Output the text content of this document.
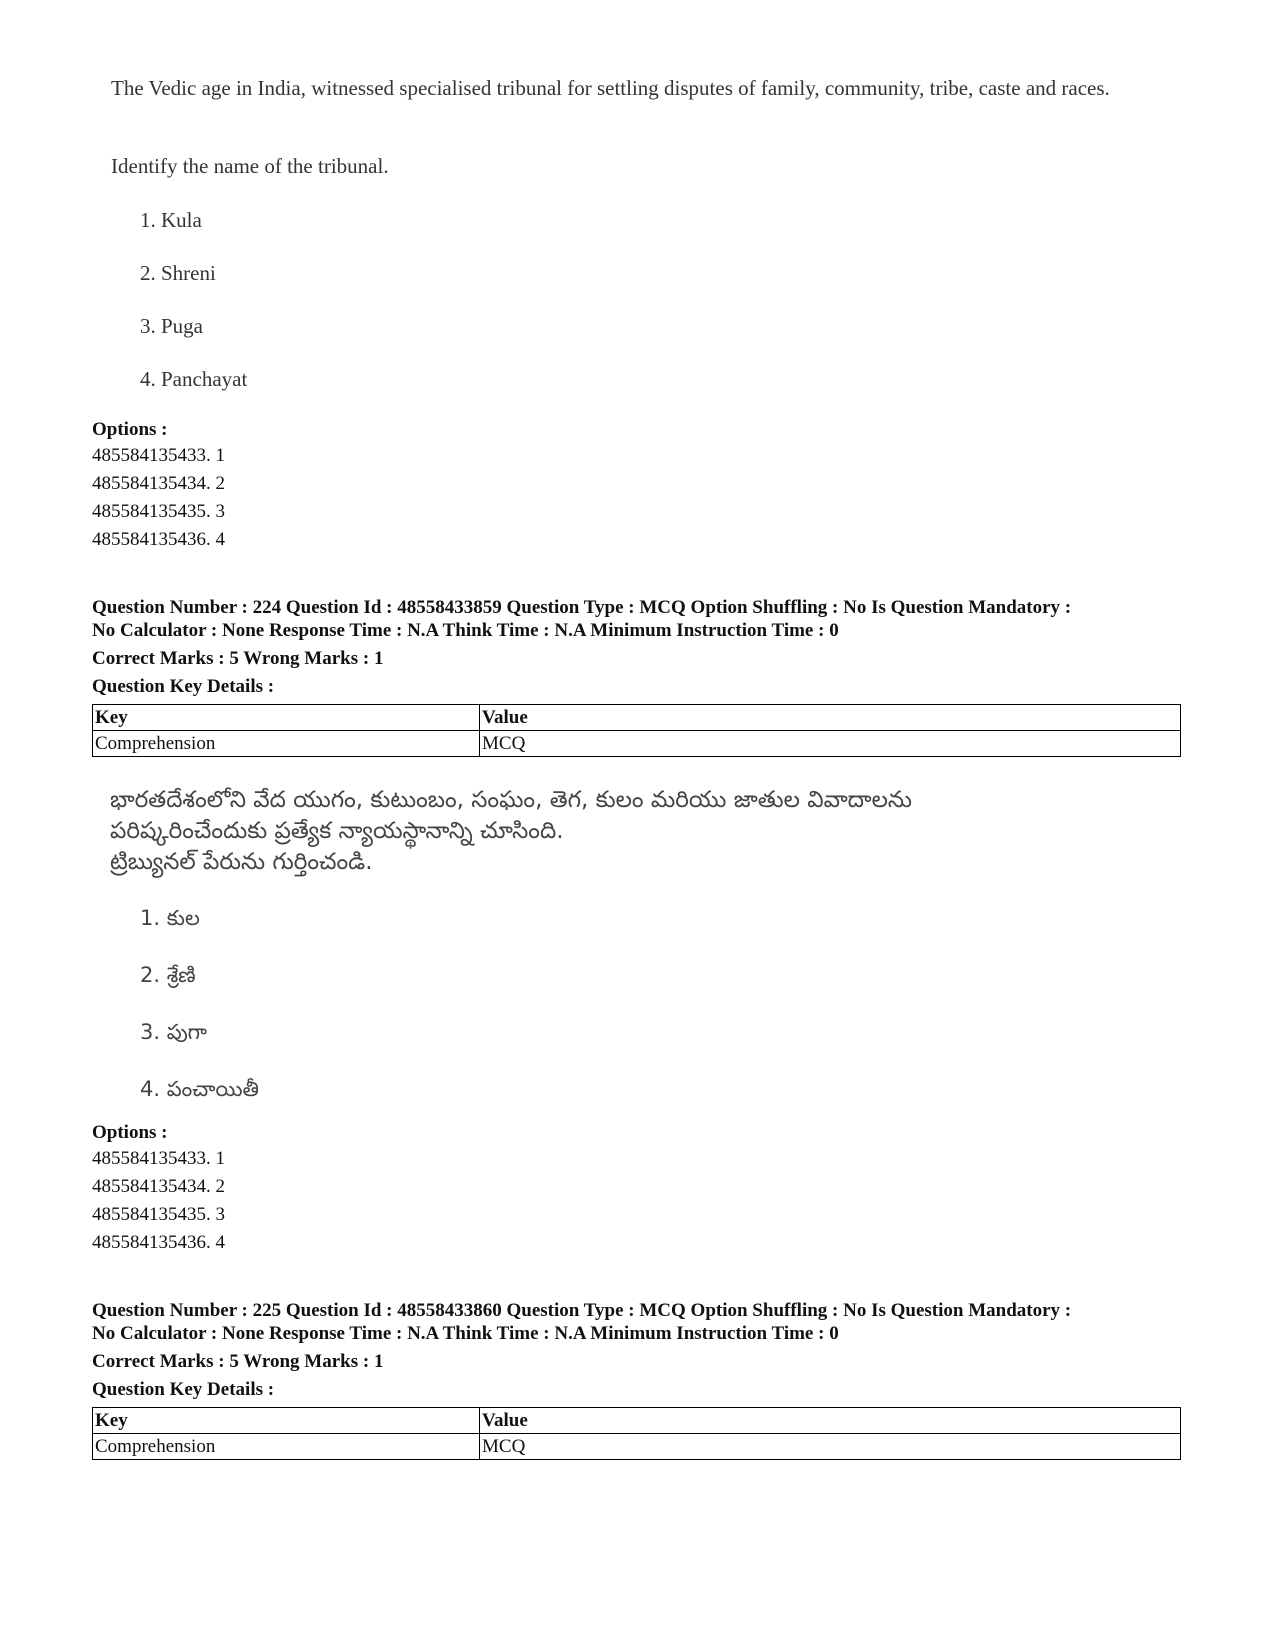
The Vedic age in India, witnessed specialised tribunal for settling disputes of family, community, tribe, caste and races.

Identify the name of the tribunal.

1. Kula

2. Shreni

3. Puga

4. Panchayat

Options :

485584135433. 1

485584135434. 2

485584135435. 3

485584135436. 4

Question Number : 224 Question Id : 48558433859 Question Type : MCQ Option Shuffling : No Is Question Mandatory :

No Calculator : None Response Time : N.A Think Time : N.A Minimum Instruction Time : 0

Correct Marks : 5 Wrong Marks : 1

Question Key Details :

Key	Value
Comprehension	MCQ

భారతదేశంలోని వేద యుగం, కుటుంబం, సంఘం, తెగ, కులం మరియు జాతుల వివాదాలను

పరిష్కరించేందుకు ప్రత్యేక న్యాయస్థానాన్ని చూసింది.

ట్రిబ్యునల్ పేరును గుర్తించండి.

1. కుల

2. శ్రేణి

3. పుగా

4. పంచాయితీ

Options :

485584135433. 1

485584135434. 2

485584135435. 3

485584135436. 4

Question Number : 225 Question Id : 48558433860 Question Type : MCQ Option Shuffling : No Is Question Mandatory :

No Calculator : None Response Time : N.A Think Time : N.A Minimum Instruction Time : 0

Correct Marks : 5 Wrong Marks : 1

Question Key Details :

Key	Value
Comprehension	MCQ
